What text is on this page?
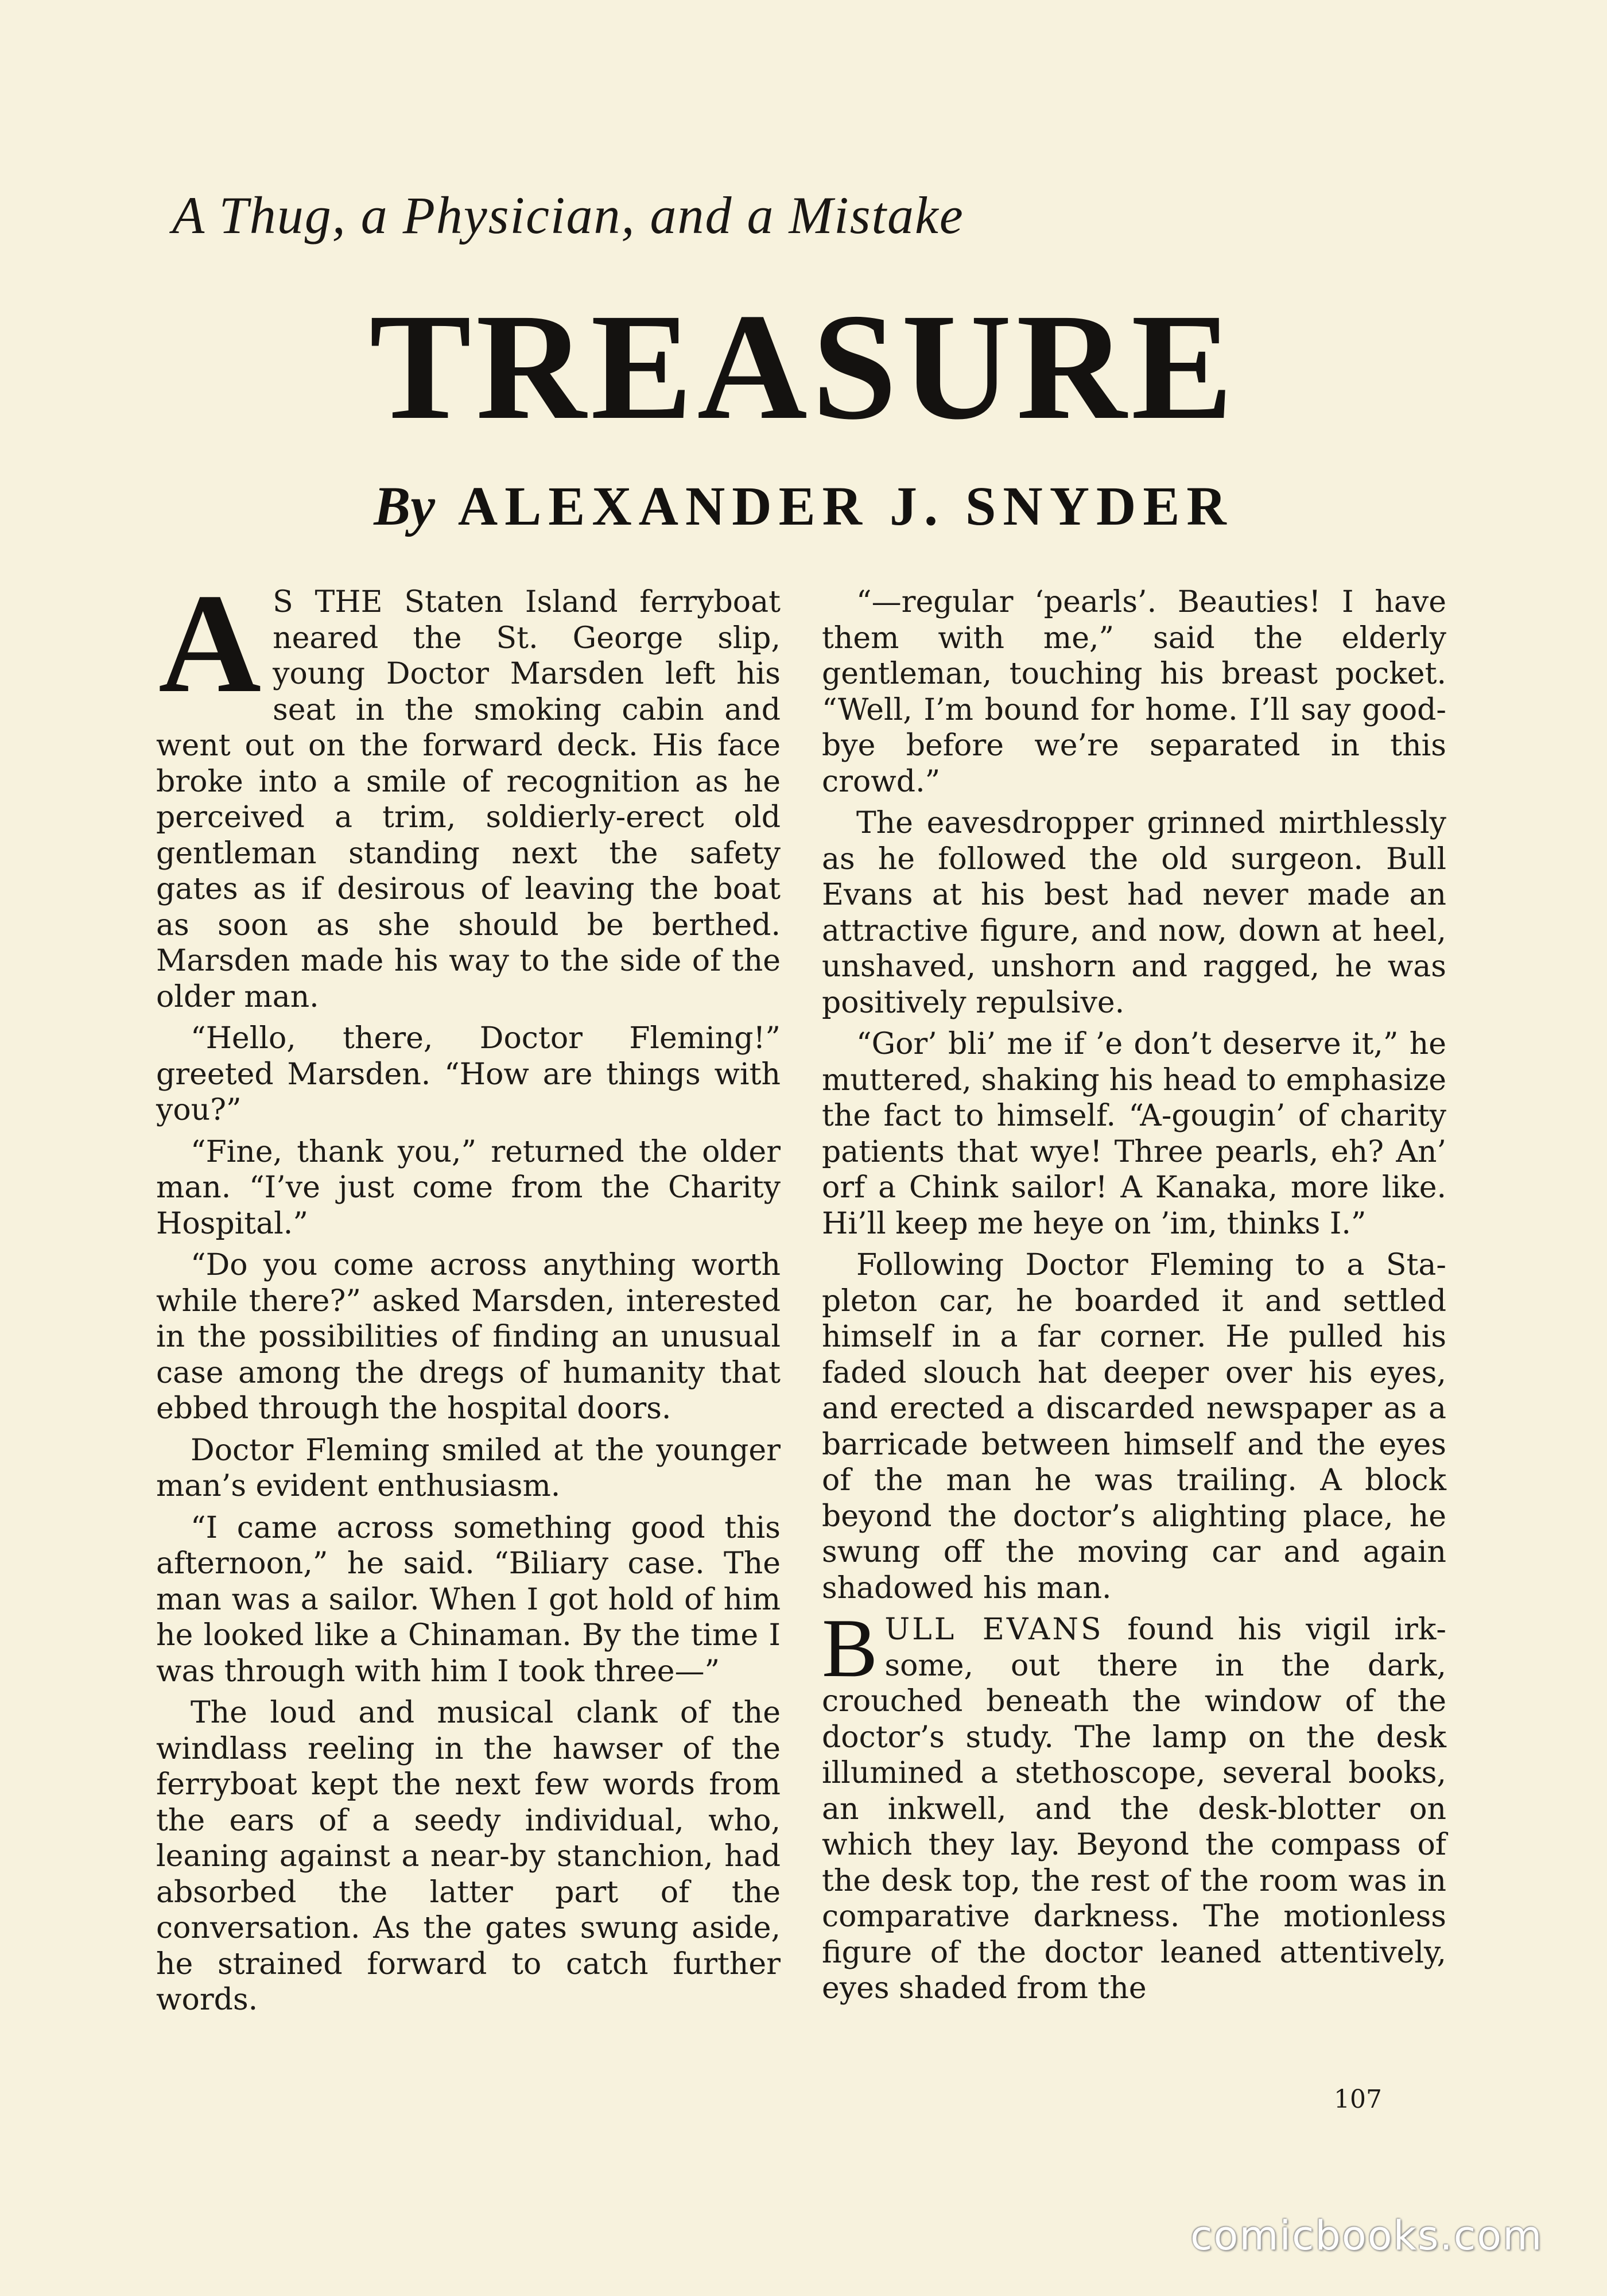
A Thug, a Physician, and a Mistake
TREASURE
By ALEXANDER J. SNYDER

A S THE Staten Island ferryboat neared the St. George slip, young Doctor Marsden left his seat in the smoking cabin and went out on the forward deck. His face broke into a smile of recognition as he perceived a trim, soldierly-erect old gentleman standing next the safety gates as if desirous of leaving the boat as soon as she should be berthed. Marsden made his way to the side of the older man.

“Hello, there, Doctor Fleming!” greeted Marsden. “How are things with you?”

“Fine, thank you,” returned the older man. “I’ve just come from the Charity Hospital.”

“Do you come across anything worth while there?” asked Marsden, interested in the possibilities of finding an unusual case among the dregs of humanity that ebbed through the hospital doors.

Doctor Fleming smiled at the younger man’s evident enthusiasm.

“I came across something good this afternoon,” he said. “Biliary case. The man was a sailor. When I got hold of him he looked like a Chinaman. By the time I was through with him I took three—”

The loud and musical clank of the windlass reeling in the hawser of the ferryboat kept the next few words from the ears of a seedy individual, who, leaning against a near-by stanchion, had absorbed the latter part of the conversation. As the gates swung aside, he strained forward to catch further words.

“—regular ‘pearls’. Beauties! I have them with me,” said the elderly gentleman, touching his breast pocket. “Well, I’m bound for home. I’ll say good-bye before we’re separated in this crowd.”

The eavesdropper grinned mirthlessly as he followed the old surgeon. Bull Evans at his best had never made an attractive figure, and now, down at heel, unshaved, unshorn and ragged, he was positively repulsive.

“Gor’ bli’ me if ’e don’t deserve it,” he muttered, shaking his head to emphasize the fact to himself. “A-gougin’ of charity patients that wye! Three pearls, eh? An’ orf a Chink sailor! A Kanaka, more like. Hi’ll keep me heye on ’im, thinks I.”

Following Doctor Fleming to a Stapleton car, he boarded it and settled himself in a far corner. He pulled his faded slouch hat deeper over his eyes, and erected a discarded newspaper as a barricade between himself and the eyes of the man he was trailing. A block beyond the doctor’s alighting place, he swung off the moving car and again shadowed his man.

BULL EVANS found his vigil irksome, out there in the dark, crouched beneath the window of the doctor’s study. The lamp on the desk illumined a stethoscope, several books, an inkwell, and the desk-blotter on which they lay. Beyond the compass of the desk top, the rest of the room was in comparative darkness. The motionless figure of the doctor leaned attentively, eyes shaded from the

107
comicbooks.com
